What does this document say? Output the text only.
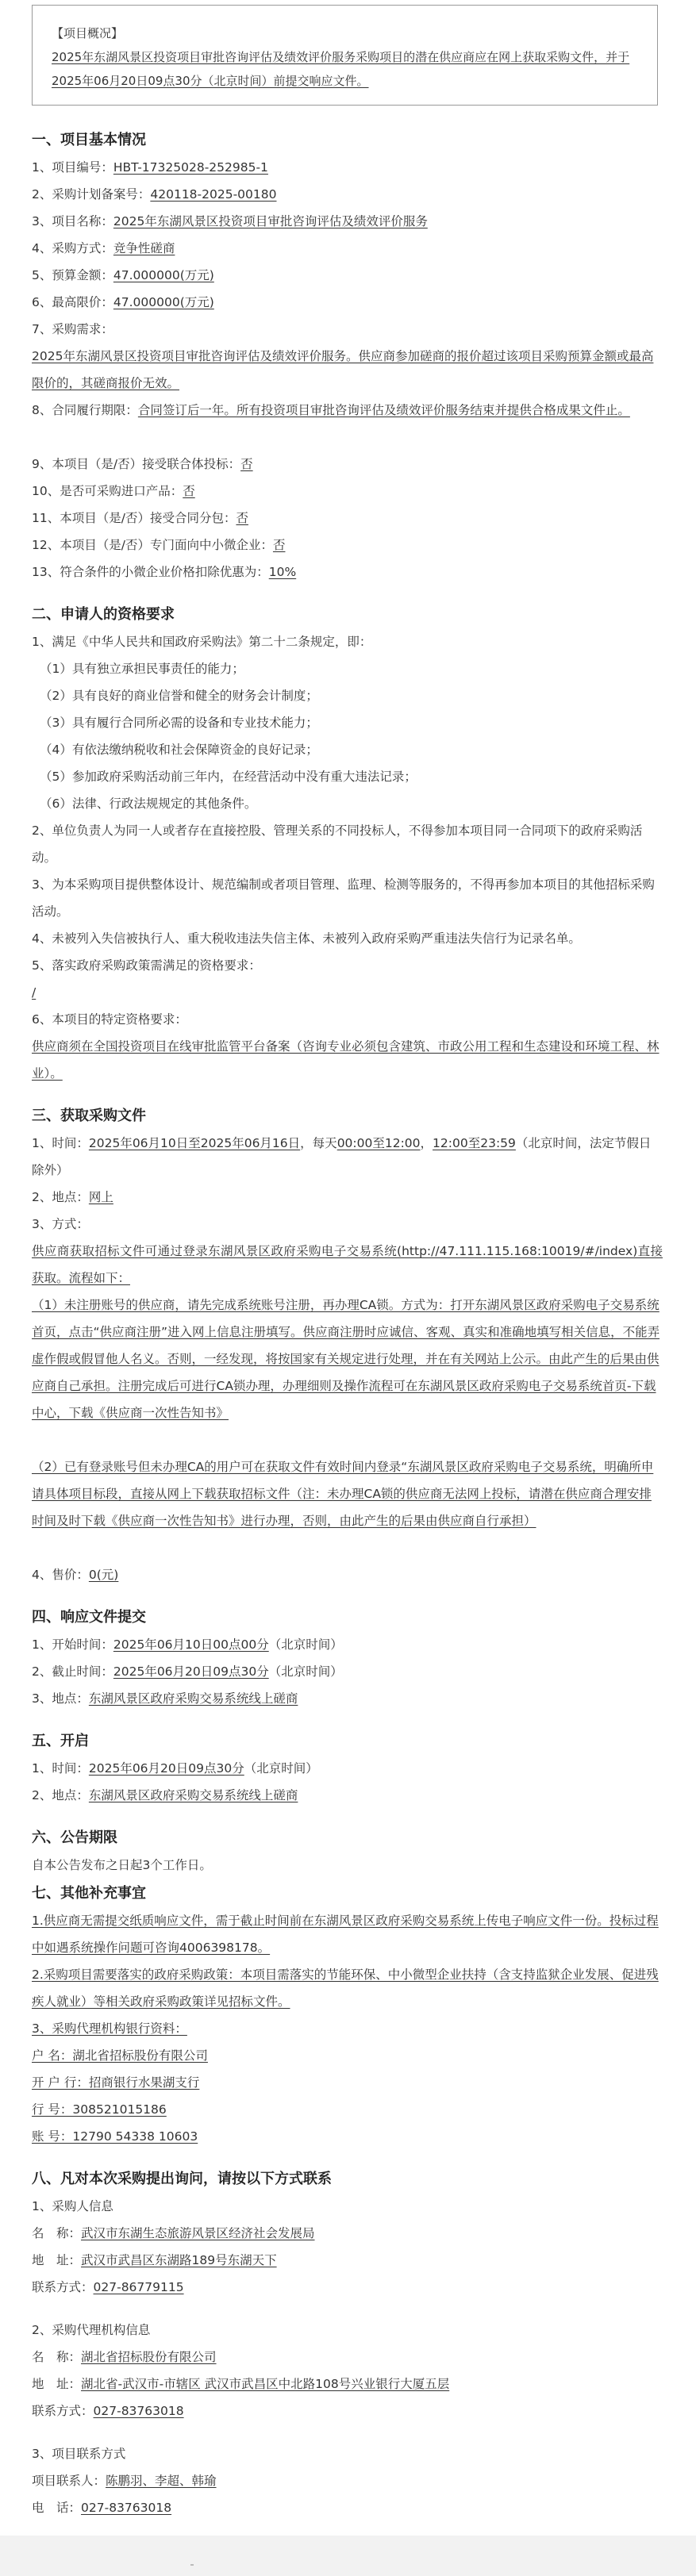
【项目概况】
2025年东湖风景区投资项目审批咨询评估及绩效评价服务采购项目的潜在供应商应在网上获取采购文件，并于2025年06月20日09点30分（北京时间）前提交响应文件。
一、项目基本情况
1、项目编号：HBT-17325028-252985-1
2、采购计划备案号：420118-2025-00180
3、项目名称：2025年东湖风景区投资项目审批咨询评估及绩效评价服务
4、采购方式：竞争性磋商
5、预算金额：47.000000(万元)
6、最高限价：47.000000(万元)
7、采购需求：
2025年东湖风景区投资项目审批咨询评估及绩效评价服务。供应商参加磋商的报价超过该项目采购预算金额或最高限价的，其磋商报价无效。
8、合同履行期限：合同签订后一年。所有投资项目审批咨询评估及绩效评价服务结束并提供合格成果文件止。
9、本项目（是/否）接受联合体投标：否
10、是否可采购进口产品：否
11、本项目（是/否）接受合同分包：否
12、本项目（是/否）专门面向中小微企业：否
13、符合条件的小微企业价格扣除优惠为：10%
二、申请人的资格要求
1、满足《中华人民共和国政府采购法》第二十二条规定，即：
（1）具有独立承担民事责任的能力；
（2）具有良好的商业信誉和健全的财务会计制度；
（3）具有履行合同所必需的设备和专业技术能力；
（4）有依法缴纳税收和社会保障资金的良好记录；
（5）参加政府采购活动前三年内，在经营活动中没有重大违法记录；
（6）法律、行政法规规定的其他条件。
2、单位负责人为同一人或者存在直接控股、管理关系的不同投标人，不得参加本项目同一合同项下的政府采购活动。
3、为本采购项目提供整体设计、规范编制或者项目管理、监理、检测等服务的，不得再参加本项目的其他招标采购活动。
4、未被列入失信被执行人、重大税收违法失信主体、未被列入政府采购严重违法失信行为记录名单。
5、落实政府采购政策需满足的资格要求：
/
6、本项目的特定资格要求：
供应商须在全国投资项目在线审批监管平台备案（咨询专业必须包含建筑、市政公用工程和生态建设和环境工程、林业）。
三、获取采购文件
1、时间：2025年06月10日至2025年06月16日，每天00:00至12:00，12:00至23:59（北京时间，法定节假日除外）
2、地点：网上
3、方式：
供应商获取招标文件可通过登录东湖风景区政府采购电子交易系统(http://47.111.115.168:10019/#/index)直接获取。流程如下：
（1）未注册账号的供应商，请先完成系统账号注册，再办理CA锁。方式为：打开东湖风景区政府采购电子交易系统首页，点击“供应商注册”进入网上信息注册填写。供应商注册时应诚信、客观、真实和准确地填写相关信息，不能弄虚作假或假冒他人名义。否则，一经发现，将按国家有关规定进行处理，并在有关网站上公示。由此产生的后果由供应商自己承担。注册完成后可进行CA锁办理，办理细则及操作流程可在东湖风景区政府采购电子交易系统首页-下载中心，下载《供应商一次性告知书》
（2）已有登录账号但未办理CA的用户可在获取文件有效时间内登录“东湖风景区政府采购电子交易系统，明确所申请具体项目标段，直接从网上下载获取招标文件（注：未办理CA锁的供应商无法网上投标，请潜在供应商合理安排时间及时下载《供应商一次性告知书》进行办理，否则，由此产生的后果由供应商自行承担）
4、售价：0(元)
四、响应文件提交
1、开始时间：2025年06月10日00点00分（北京时间）
2、截止时间：2025年06月20日09点30分（北京时间）
3、地点：东湖风景区政府采购交易系统线上磋商
五、开启
1、时间：2025年06月20日09点30分（北京时间）
2、地点：东湖风景区政府采购交易系统线上磋商
六、公告期限
自本公告发布之日起3个工作日。
七、其他补充事宜
1.供应商无需提交纸质响应文件，需于截止时间前在东湖风景区政府采购交易系统上传电子响应文件一份。投标过程中如遇系统操作问题可咨询4006398178。
2.采购项目需要落实的政府采购政策：本项目需落实的节能环保、中小微型企业扶持（含支持监狱企业发展、促进残疾人就业）等相关政府采购政策详见招标文件。
3、采购代理机构银行资料：
户 名：湖北省招标股份有限公司
开 户 行：招商银行水果湖支行
行 号：308521015186
账 号：12790 54338 10603
八、凡对本次采购提出询问，请按以下方式联系
1、采购人信息
名　称：武汉市东湖生态旅游风景区经济社会发展局
地　址：武汉市武昌区东湖路189号东湖天下
联系方式：027-86779115
2、采购代理机构信息
名　称：湖北省招标股份有限公司
地　址：湖北省-武汉市-市辖区 武汉市武昌区中北路108号兴业银行大厦五层
联系方式：027-83763018
3、项目联系方式
项目联系人：陈鹏羽、李超、韩瑜
电　话：027-83763018
